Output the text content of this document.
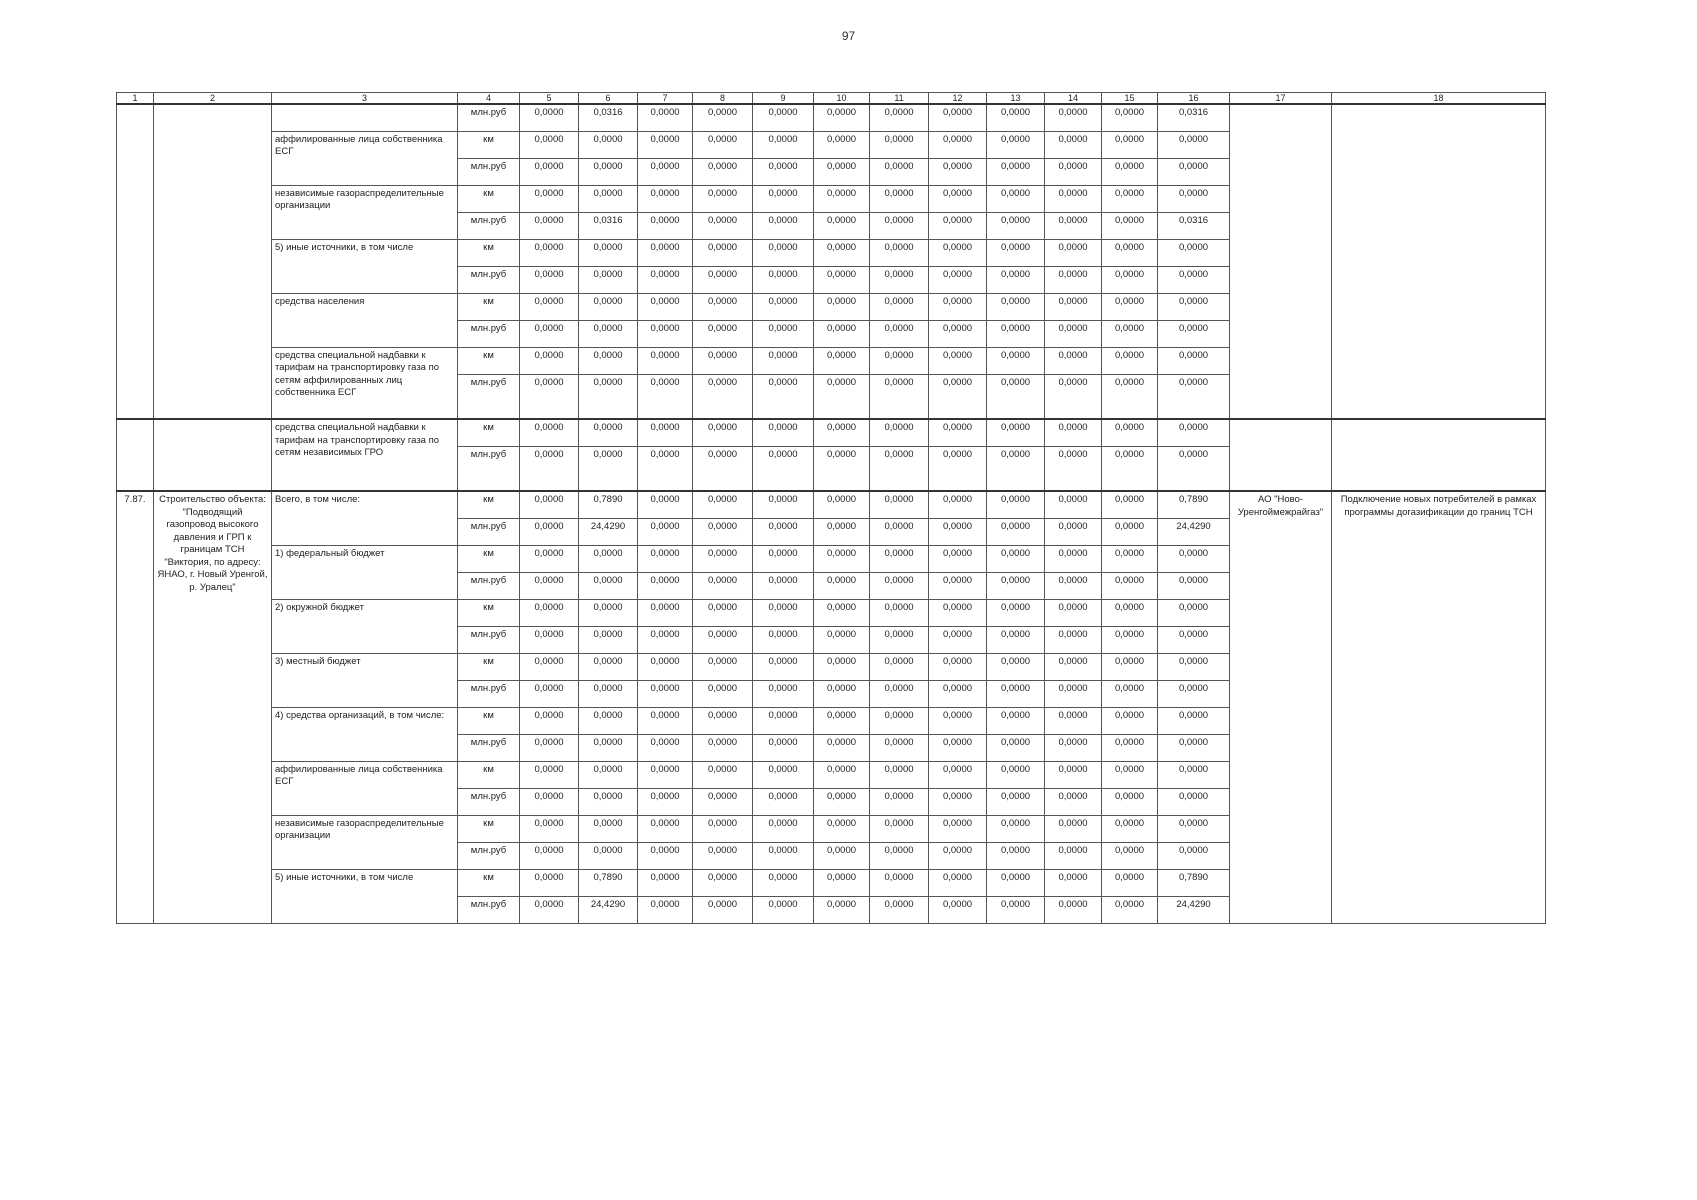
97
1	2	3	4	5	6	7	8	9	10	11	12	13	14	15	16	17	18
			млн.руб	0,0000	0,0316	0,0000	0,0000	0,0000	0,0000	0,0000	0,0000	0,0000	0,0000	0,0000	0,0316		
		аффилированные лица собственника ЕСГ	км	0,0000	0,0000	0,0000	0,0000	0,0000	0,0000	0,0000	0,0000	0,0000	0,0000	0,0000	0,0000		
			млн.руб	0,0000	0,0000	0,0000	0,0000	0,0000	0,0000	0,0000	0,0000	0,0000	0,0000	0,0000	0,0000		
		независимые газораспределительные организации	км	0,0000	0,0000	0,0000	0,0000	0,0000	0,0000	0,0000	0,0000	0,0000	0,0000	0,0000	0,0000		
			млн.руб	0,0000	0,0316	0,0000	0,0000	0,0000	0,0000	0,0000	0,0000	0,0000	0,0000	0,0000	0,0316		
		5) иные источники, в том числе	км	0,0000	0,0000	0,0000	0,0000	0,0000	0,0000	0,0000	0,0000	0,0000	0,0000	0,0000	0,0000		
			млн.руб	0,0000	0,0000	0,0000	0,0000	0,0000	0,0000	0,0000	0,0000	0,0000	0,0000	0,0000	0,0000		
		средства населения	км	0,0000	0,0000	0,0000	0,0000	0,0000	0,0000	0,0000	0,0000	0,0000	0,0000	0,0000	0,0000		
			млн.руб	0,0000	0,0000	0,0000	0,0000	0,0000	0,0000	0,0000	0,0000	0,0000	0,0000	0,0000	0,0000		
		средства специальной надбавки к тарифам на транспортировку газа по сетям аффилированных лиц собственника ЕСГ	км	0,0000	0,0000	0,0000	0,0000	0,0000	0,0000	0,0000	0,0000	0,0000	0,0000	0,0000	0,0000		
			млн.руб	0,0000	0,0000	0,0000	0,0000	0,0000	0,0000	0,0000	0,0000	0,0000	0,0000	0,0000	0,0000		
		средства специальной надбавки к тарифам на транспортировку газа по сетям независимых ГРО	км	0,0000	0,0000	0,0000	0,0000	0,0000	0,0000	0,0000	0,0000	0,0000	0,0000	0,0000	0,0000		
			млн.руб	0,0000	0,0000	0,0000	0,0000	0,0000	0,0000	0,0000	0,0000	0,0000	0,0000	0,0000	0,0000		
7.87.	Строительство объекта: "Подводящий газопровод высокого давления и ГРП к границам ТСН "Виктория, по адресу: ЯНАО, г. Новый Уренгой, р. Уралец"	Всего, в том числе:	км	0,0000	0,7890	0,0000	0,0000	0,0000	0,0000	0,0000	0,0000	0,0000	0,0000	0,0000	0,7890	АО "Ново-Уренгоймежрайгаз"	Подключение новых потребителей в рамках программы догазификации до границ ТСН
			млн.руб	0,0000	24,4290	0,0000	0,0000	0,0000	0,0000	0,0000	0,0000	0,0000	0,0000	0,0000	24,4290		
		1) федеральный бюджет	км	0,0000	0,0000	0,0000	0,0000	0,0000	0,0000	0,0000	0,0000	0,0000	0,0000	0,0000	0,0000		
			млн.руб	0,0000	0,0000	0,0000	0,0000	0,0000	0,0000	0,0000	0,0000	0,0000	0,0000	0,0000	0,0000		
		2) окружной бюджет	км	0,0000	0,0000	0,0000	0,0000	0,0000	0,0000	0,0000	0,0000	0,0000	0,0000	0,0000	0,0000		
			млн.руб	0,0000	0,0000	0,0000	0,0000	0,0000	0,0000	0,0000	0,0000	0,0000	0,0000	0,0000	0,0000		
		3) местный бюджет	км	0,0000	0,0000	0,0000	0,0000	0,0000	0,0000	0,0000	0,0000	0,0000	0,0000	0,0000	0,0000		
			млн.руб	0,0000	0,0000	0,0000	0,0000	0,0000	0,0000	0,0000	0,0000	0,0000	0,0000	0,0000	0,0000		
		4) средства организаций, в том числе:	км	0,0000	0,0000	0,0000	0,0000	0,0000	0,0000	0,0000	0,0000	0,0000	0,0000	0,0000	0,0000		
			млн.руб	0,0000	0,0000	0,0000	0,0000	0,0000	0,0000	0,0000	0,0000	0,0000	0,0000	0,0000	0,0000		
		аффилированные лица собственника ЕСГ	км	0,0000	0,0000	0,0000	0,0000	0,0000	0,0000	0,0000	0,0000	0,0000	0,0000	0,0000	0,0000		
			млн.руб	0,0000	0,0000	0,0000	0,0000	0,0000	0,0000	0,0000	0,0000	0,0000	0,0000	0,0000	0,0000		
		независимые газораспределительные организации	км	0,0000	0,0000	0,0000	0,0000	0,0000	0,0000	0,0000	0,0000	0,0000	0,0000	0,0000	0,0000		
			млн.руб	0,0000	0,0000	0,0000	0,0000	0,0000	0,0000	0,0000	0,0000	0,0000	0,0000	0,0000	0,0000		
		5) иные источники, в том числе	км	0,0000	0,7890	0,0000	0,0000	0,0000	0,0000	0,0000	0,0000	0,0000	0,0000	0,0000	0,7890		
			млн.руб	0,0000	24,4290	0,0000	0,0000	0,0000	0,0000	0,0000	0,0000	0,0000	0,0000	0,0000	24,4290		
